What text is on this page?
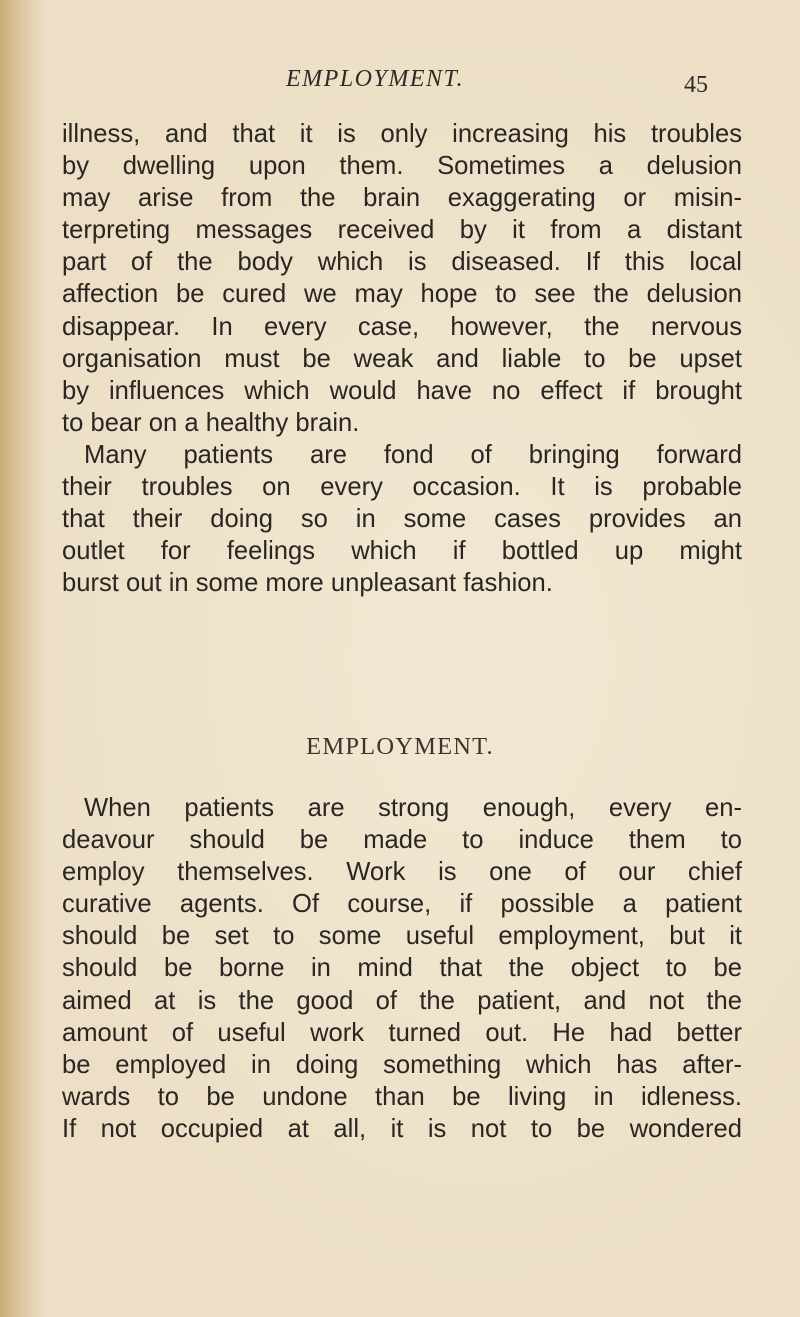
EMPLOYMENT.	45
illness, and that it is only increasing his troubles
by dwelling upon them. Sometimes a delusion
may arise from the brain exaggerating or misin-
terpreting messages received by it from a distant
part of the body which is diseased. If this local
affection be cured we may hope to see the delusion
disappear. In every case, however, the nervous
organisation must be weak and liable to be upset
by influences which would have no effect if brought
to bear on a healthy brain.
Many patients are fond of bringing forward
their troubles on every occasion. It is probable
that their doing so in some cases provides an
outlet for feelings which if bottled up might
burst out in some more unpleasant fashion.
EMPLOYMENT.
When patients are strong enough, every en-
deavour should be made to induce them to
employ themselves. Work is one of our chief
curative agents. Of course, if possible a patient
should be set to some useful employment, but it
should be borne in mind that the object to be
aimed at is the good of the patient, and not the
amount of useful work turned out. He had better
be employed in doing something which has after-
wards to be undone than be living in idleness.
If not occupied at all, it is not to be wondered
